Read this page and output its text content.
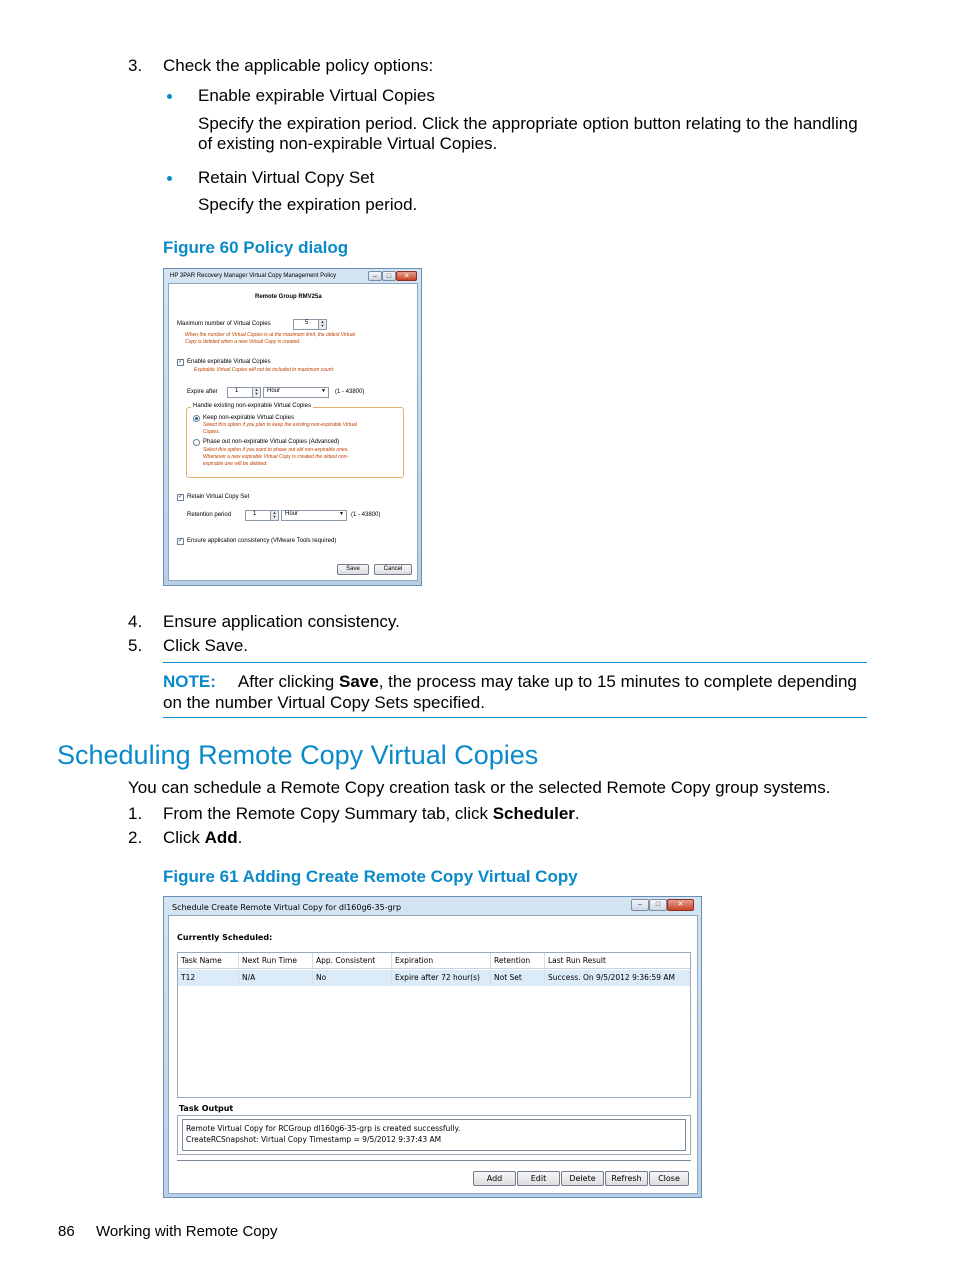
3. Check the applicable policy options:
Enable expirable Virtual Copies
Specify the expiration period. Click the appropriate option button relating to the handling
of existing non-expirable Virtual Copies.
Retain Virtual Copy Set
Specify the expiration period.
Figure 60 Policy dialog
HP 3PAR Recovery Manager Virtual Copy Management Policy	–	□	✕
Remote Group RMV25a
Maximum number of Virtual Copies	5	▲
▼
When the number of Virtual Copies is at the maximum limit, the oldest Virtual
Copy is deleted when a new Virtual Copy is created.
✓ Enable expirable Virtual Copies
Expirable Virtual Copies will not be included in maximum count.
Expire after	1	▲
▼	Hour	▼ (1 - 43800)
Handle existing non-expirable Virtual Copies
Keep non-expirable Virtual Copies
Select this option if you plan to keep the existing non-expirable Virtual
Copies.
Phase out non-expirable Virtual Copies (Advanced)
Select this option if you want to phase out old non-expirable ones.
Whenever a new expirable Virtual Copy is created the oldest non-
expirable one will be deleted.
✓ Retain Virtual Copy Set
Retention period	1	▲
▼	Hour	▼ (1 - 43800)
✓ Ensure application consistency (VMware Tools required)
Save	Cancel
4. Ensure application consistency.
5. Click Save.
NOTE: After clicking Save, the process may take up to 15 minutes to complete depending
on the number Virtual Copy Sets specified.
Scheduling Remote Copy Virtual Copies
You can schedule a Remote Copy creation task or the selected Remote Copy group systems.
1. From the Remote Copy Summary tab, click Scheduler.
2. Click Add.
Figure 61 Adding Create Remote Copy Virtual Copy
Schedule Create Remote Virtual Copy for dl160g6-35-grp	–	□	✕
Currently Scheduled:
Task Name	Next Run Time	App. Consistent	Expiration	Retention	Last Run Result
T12	N/A	No	Expire after 72 hour(s)	Not Set	Success. On 9/5/2012 9:36:59 AM
Task Output
Remote Virtual Copy for RCGroup dl160g6-35-grp is created successfully.
CreateRCSnapshot: Virtual Copy Timestamp = 9/5/2012 9:37:43 AM
Add	Edit	Delete	Refresh	Close
86 Working with Remote Copy
